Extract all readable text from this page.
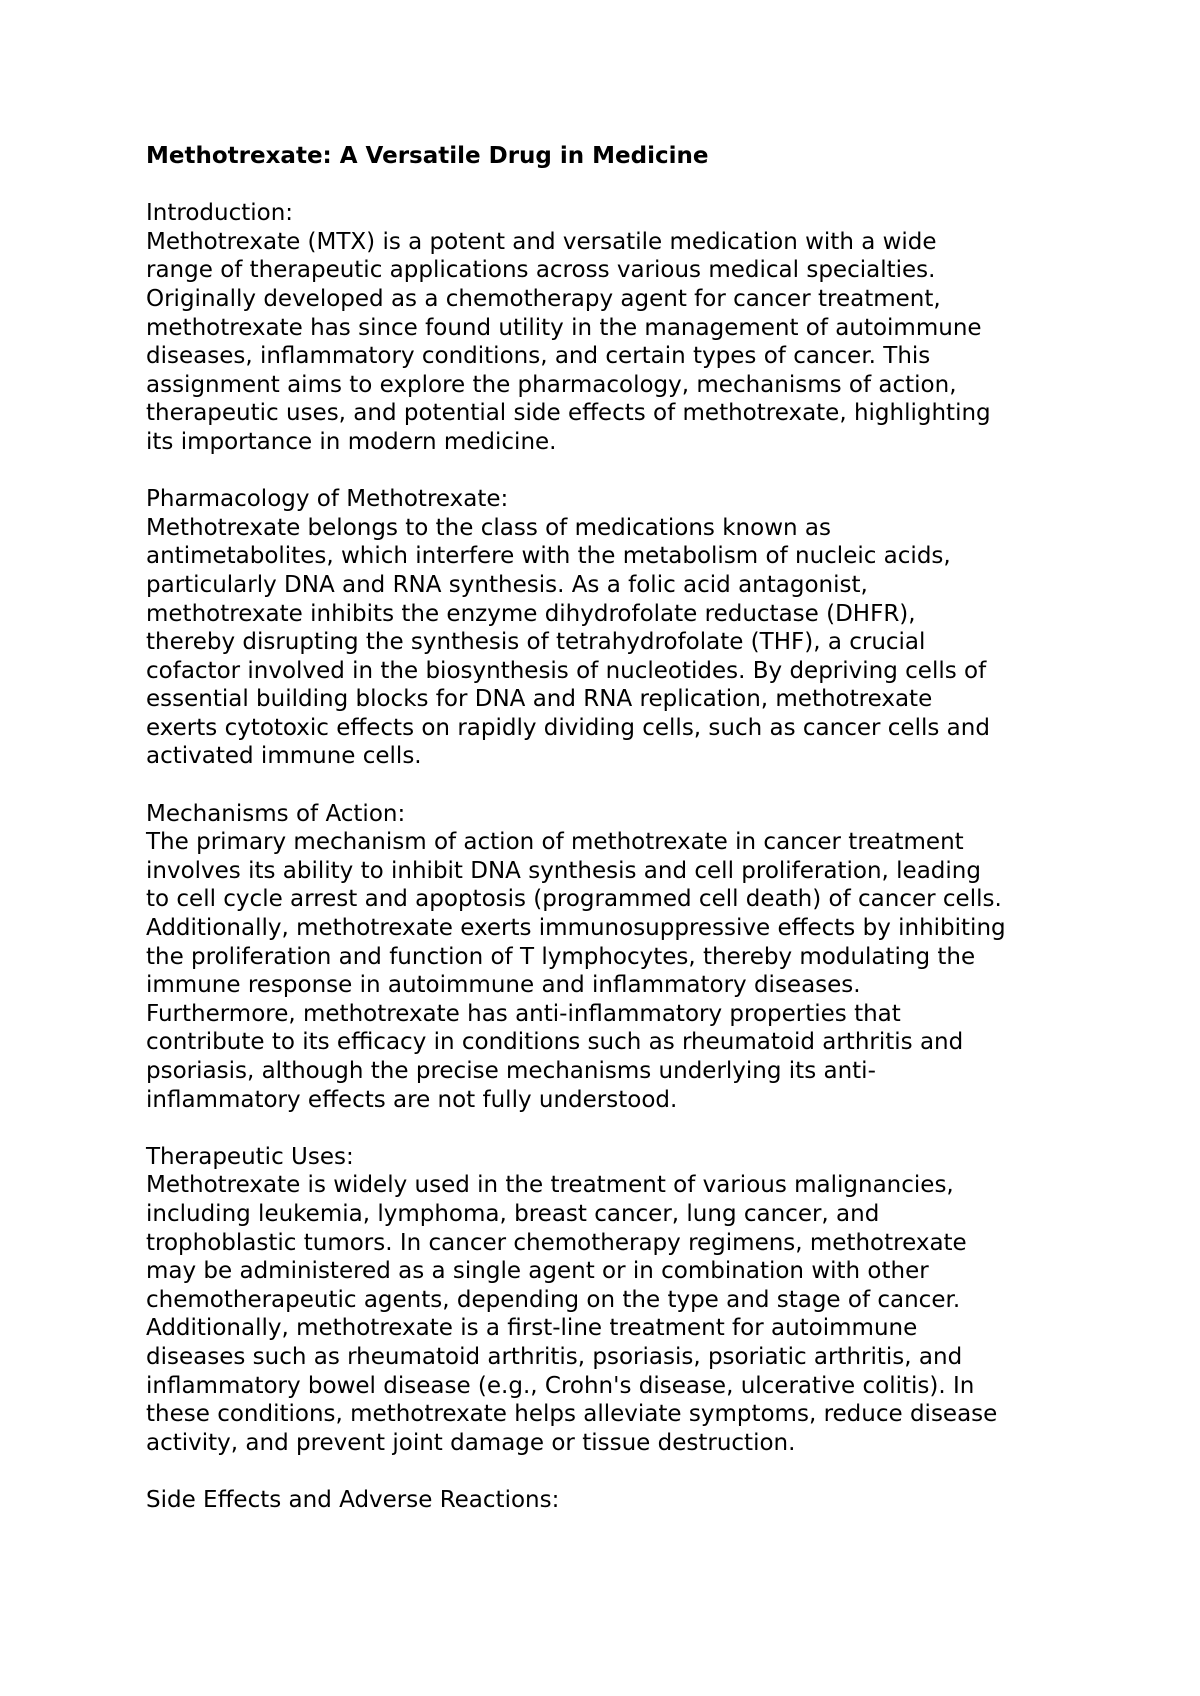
Methotrexate: A Versatile Drug in Medicine
Introduction:
Methotrexate (MTX) is a potent and versatile medication with a wide
range of therapeutic applications across various medical specialties.
Originally developed as a chemotherapy agent for cancer treatment,
methotrexate has since found utility in the management of autoimmune
diseases, inflammatory conditions, and certain types of cancer. This
assignment aims to explore the pharmacology, mechanisms of action,
therapeutic uses, and potential side effects of methotrexate, highlighting
its importance in modern medicine.
Pharmacology of Methotrexate:
Methotrexate belongs to the class of medications known as
antimetabolites, which interfere with the metabolism of nucleic acids,
particularly DNA and RNA synthesis. As a folic acid antagonist,
methotrexate inhibits the enzyme dihydrofolate reductase (DHFR),
thereby disrupting the synthesis of tetrahydrofolate (THF), a crucial
cofactor involved in the biosynthesis of nucleotides. By depriving cells of
essential building blocks for DNA and RNA replication, methotrexate
exerts cytotoxic effects on rapidly dividing cells, such as cancer cells and
activated immune cells.
Mechanisms of Action:
The primary mechanism of action of methotrexate in cancer treatment
involves its ability to inhibit DNA synthesis and cell proliferation, leading
to cell cycle arrest and apoptosis (programmed cell death) of cancer cells.
Additionally, methotrexate exerts immunosuppressive effects by inhibiting
the proliferation and function of T lymphocytes, thereby modulating the
immune response in autoimmune and inflammatory diseases.
Furthermore, methotrexate has anti-inflammatory properties that
contribute to its efficacy in conditions such as rheumatoid arthritis and
psoriasis, although the precise mechanisms underlying its anti-
inflammatory effects are not fully understood.
Therapeutic Uses:
Methotrexate is widely used in the treatment of various malignancies,
including leukemia, lymphoma, breast cancer, lung cancer, and
trophoblastic tumors. In cancer chemotherapy regimens, methotrexate
may be administered as a single agent or in combination with other
chemotherapeutic agents, depending on the type and stage of cancer.
Additionally, methotrexate is a first-line treatment for autoimmune
diseases such as rheumatoid arthritis, psoriasis, psoriatic arthritis, and
inflammatory bowel disease (e.g., Crohn's disease, ulcerative colitis). In
these conditions, methotrexate helps alleviate symptoms, reduce disease
activity, and prevent joint damage or tissue destruction.
Side Effects and Adverse Reactions:
